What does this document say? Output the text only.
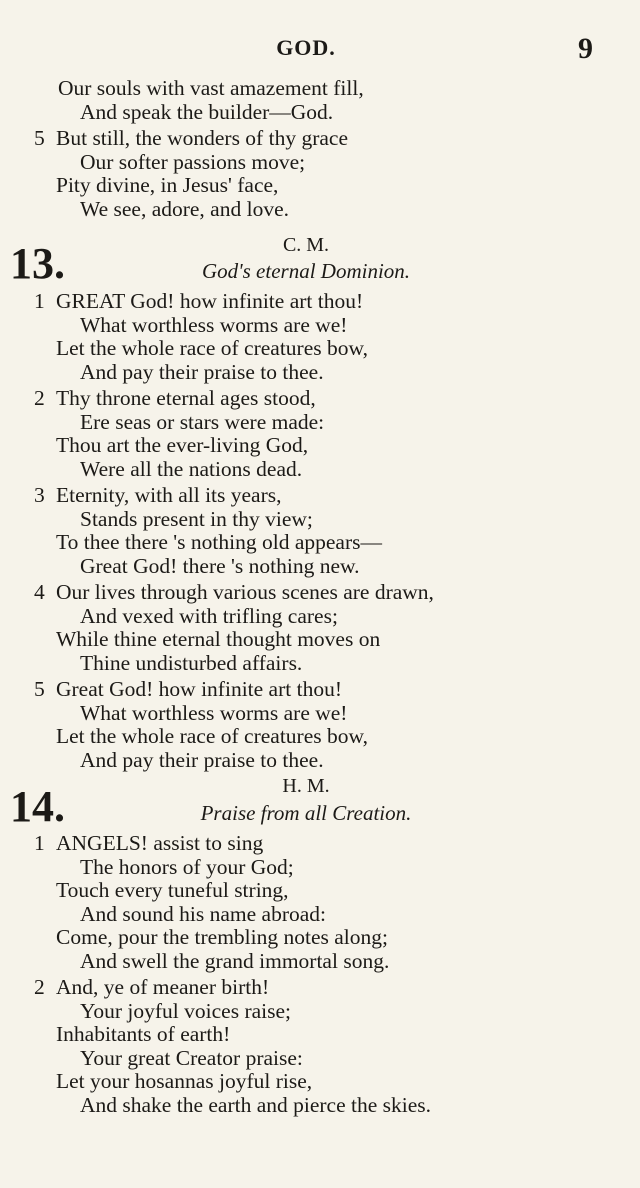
GOD.	9
Our souls with vast amazement fill,
And speak the builder—God.
5 But still, the wonders of thy grace
Our softer passions move;
Pity divine, in Jesus' face,
We see, adore, and love.
C. M.
13.	God's eternal Dominion.
1 GREAT God! how infinite art thou!
What worthless worms are we!
Let the whole race of creatures bow,
And pay their praise to thee.
2 Thy throne eternal ages stood,
Ere seas or stars were made:
Thou art the ever-living God,
Were all the nations dead.
3 Eternity, with all its years,
Stands present in thy view;
To thee there 's nothing old appears—
Great God! there 's nothing new.
4 Our lives through various scenes are drawn,
And vexed with trifling cares;
While thine eternal thought moves on
Thine undisturbed affairs.
5 Great God! how infinite art thou!
What worthless worms are we!
Let the whole race of creatures bow,
And pay their praise to thee.
H. M.
14.	Praise from all Creation.
1 ANGELS! assist to sing
The honors of your God;
Touch every tuneful string,
And sound his name abroad:
Come, pour the trembling notes along;
And swell the grand immortal song.
2 And, ye of meaner birth!
Your joyful voices raise;
Inhabitants of earth!
Your great Creator praise:
Let your hosannas joyful rise,
And shake the earth and pierce the skies.
